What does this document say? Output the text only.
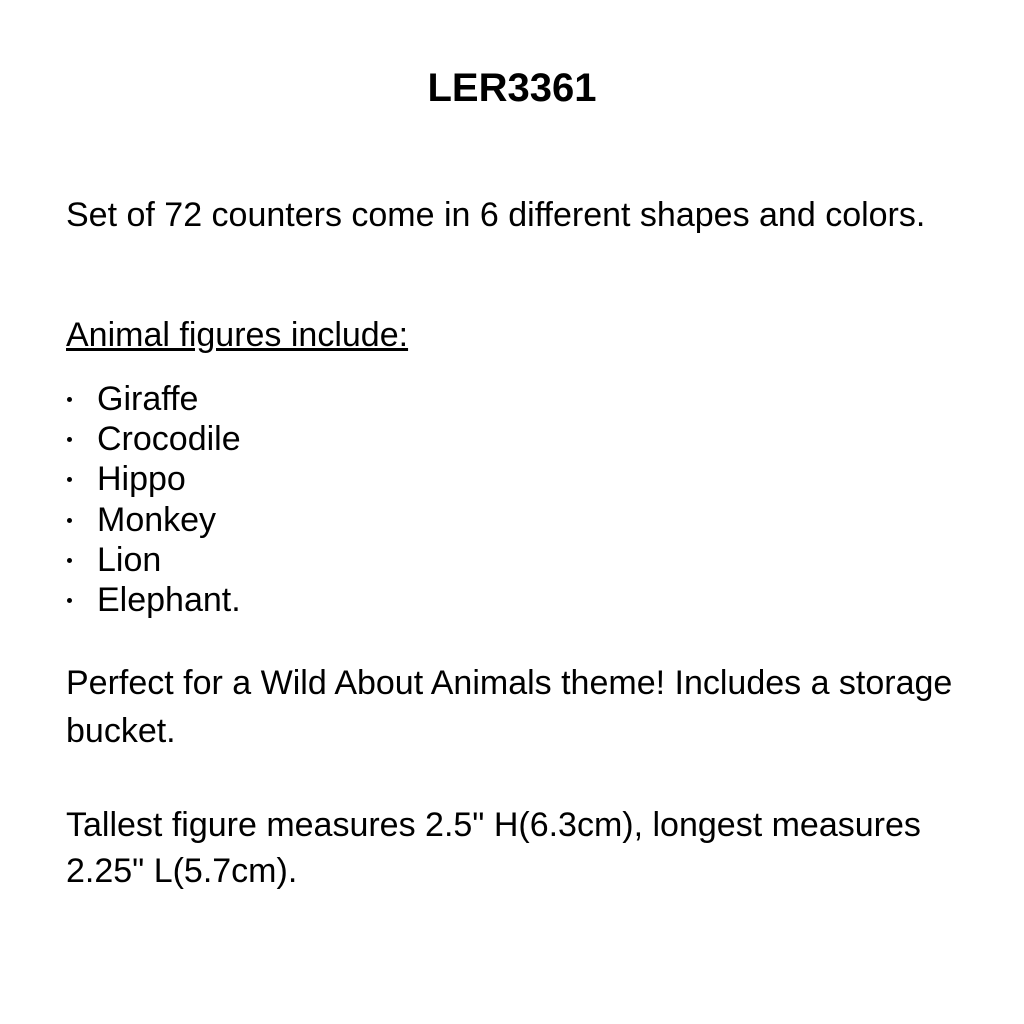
LER3361

Set of 72 counters come in 6 different shapes and colors.

Animal figures include:

Giraffe
Crocodile
Hippo
Monkey
Lion
Elephant.

Perfect for a Wild About Animals theme! Includes a storage bucket.

Tallest figure measures 2.5" H(6.3cm), longest measures 2.25" L(5.7cm).
